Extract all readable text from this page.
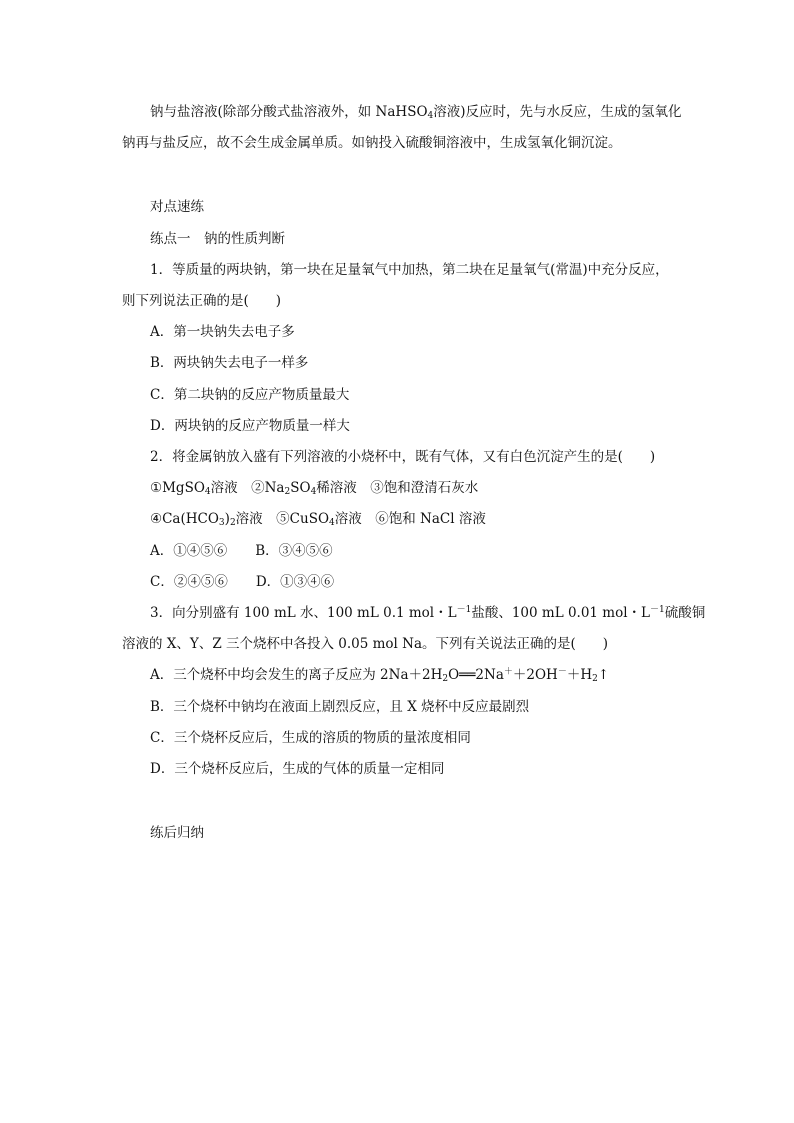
钠与盐溶液(除部分酸式盐溶液外，如 NaHSO$_4$溶液)反应时，先与水反应，生成的氢氧化
钠再与盐反应，故不会生成金属单质。如钠投入硫酸铜溶液中，生成氢氧化铜沉淀。
对点速练
练点一　钠的性质判断
1．等质量的两块钠，第一块在足量氧气中加热，第二块在足量氧气(常温)中充分反应，
则下列说法正确的是(　　)
A．第一块钠失去电子多
B．两块钠失去电子一样多
C．第二块钠的反应产物质量最大
D．两块钠的反应产物质量一样大
2．将金属钠放入盛有下列溶液的小烧杯中，既有气体，又有白色沉淀产生的是(　　)
①MgSO$_4$溶液　$②Na_2SO_4$稀溶液　③饱和澄清石灰水
$④Ca(HCO_3)_2$溶液　⑤CuSO$_4$溶液　⑥饱和 NaCl 溶液
A．①④⑤⑥ B．③④⑤⑥
C．②④⑤⑥ D．①③④⑥
3．向分别盛有 100 mL 水、100 mL 0.1 mol・$L^{-1}$盐酸、100 mL 0.01 mol・$L^{-1}$硫酸铜
溶液的 X、Y、Z 三个烧杯中各投入 0.05 mol Na。下列有关说法正确的是(　　)
A．三个烧杯中均会发生的离子反应为 $2Na+2H_2O══2Na^++2OH^-+H_2↑$
B．三个烧杯中钠均在液面上剧烈反应，且 X 烧杯中反应最剧烈
C．三个烧杯反应后，生成的溶质的物质的量浓度相同
D．三个烧杯反应后，生成的气体的质量一定相同
练后归纳
